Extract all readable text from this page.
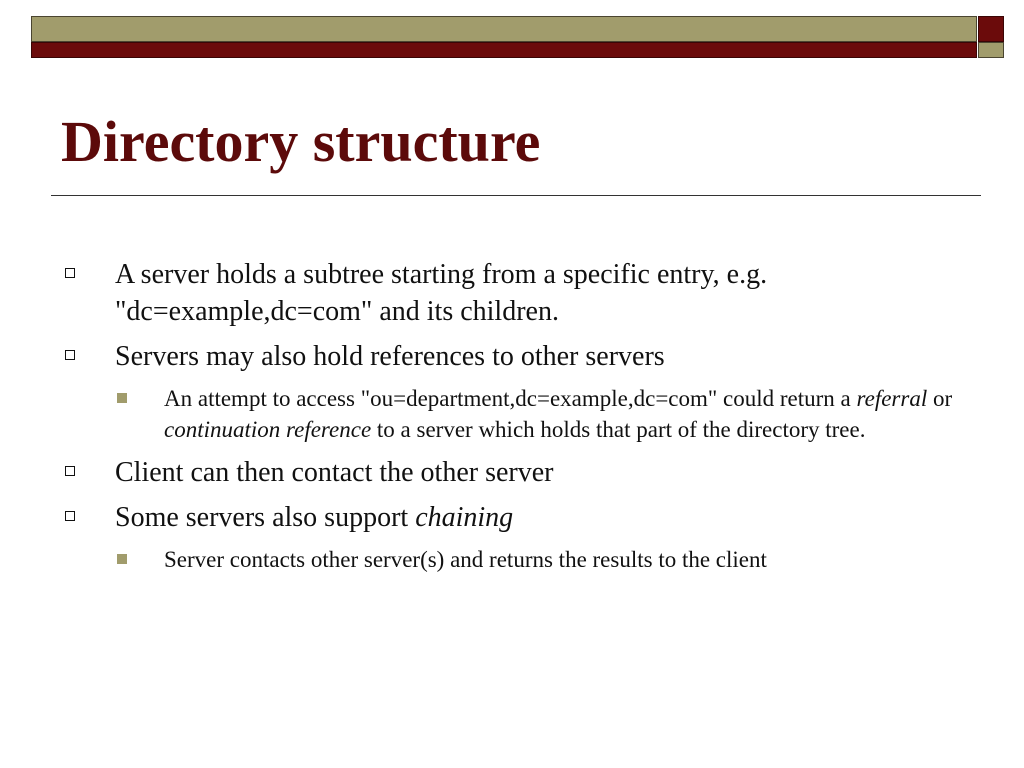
Directory structure
A server holds a subtree starting from a specific entry, e.g. "dc=example,dc=com" and its children.
Servers may also hold references to other servers
An attempt to access "ou=department,dc=example,dc=com" could return a referral or continuation reference to a server which holds that part of the directory tree.
Client can then contact the other server
Some servers also support chaining
Server contacts other server(s) and returns the results to the client
